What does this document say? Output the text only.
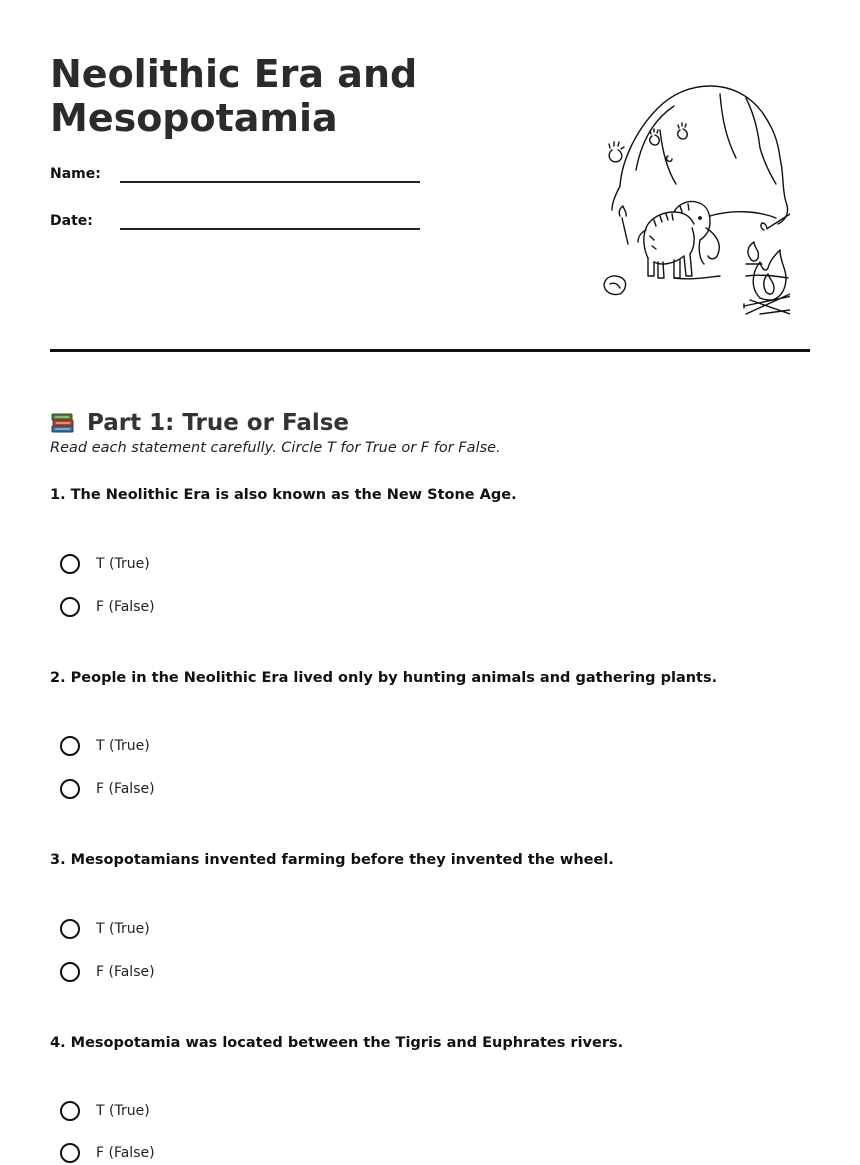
Neolithic Era and Mesopotamia
Name:
Date:
Part 1: True or False

Read each statement carefully. Circle T for True or F for False.

1. The Neolithic Era is also known as the New Stone Age.
T (True)
F (False)
2. People in the Neolithic Era lived only by hunting animals and gathering plants.
T (True)
F (False)
3. Mesopotamians invented farming before they invented the wheel.
T (True)
F (False)
4. Mesopotamia was located between the Tigris and Euphrates rivers.
T (True)
F (False)
